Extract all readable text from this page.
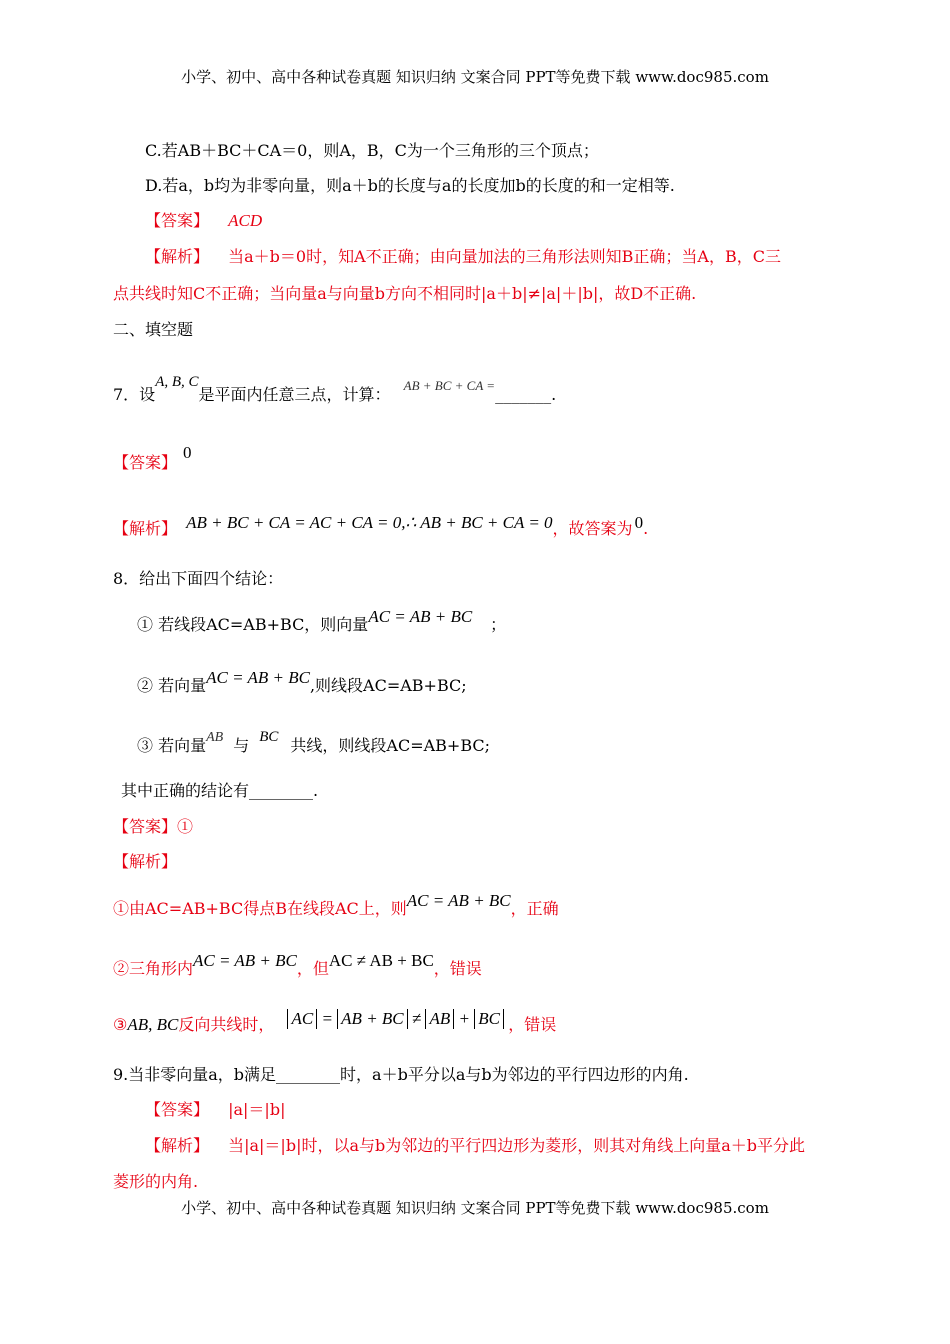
小学、初中、高中各种试卷真题 知识归纳 文案合同 PPT等免费下载 www.doc985.com
C.若AB＋BC＋CA＝0，则A，B，C为一个三角形的三个顶点；
D.若a，b均为非零向量，则a＋b的长度与a的长度加b的长度的和一定相等.
【答案】 ACD
【解析】 当a＋b＝0时，知A不正确；由向量加法的三角形法则知B正确；当A，B，C三
点共线时知C不正确；当向量a与向量b方向不相同时|a＋b|≠|a|＋|b|，故D不正确.
二、填空题
7．设A, B, C是平面内任意三点，计算： $^{AB + BC + CA =}$_______.
【答案】0
【解析】 AB + BC + CA = AC + CA = 0,∴ AB + BC + CA = 0，故答案为 0.
8．给出下面四个结论：
① 若线段AC=AB+BC，则向量AC = AB + BC ；
② 若向量AC = AB + BC,则线段AC=AB+BC;
③ 若向量AB 与 BC 共线，则线段AC=AB+BC;
其中正确的结论有________.
【答案】①
【解析】
①由AC=AB+BC得点B在线段AC上，则AC = AB + BC，正确
②三角形内AC = AB + BC，但AC ≠ AB + BC，错误
③AB, BC反向共线时， AC = AB + BC ≠ AB + BC ，错误
9.当非零向量a，b满足________时，a＋b平分以a与b为邻边的平行四边形的内角.
【答案】 |a|＝|b|
【解析】 当|a|＝|b|时，以a与b为邻边的平行四边形为菱形，则其对角线上向量a＋b平分此
菱形的内角.
小学、初中、高中各种试卷真题 知识归纳 文案合同 PPT等免费下载 www.doc985.com
